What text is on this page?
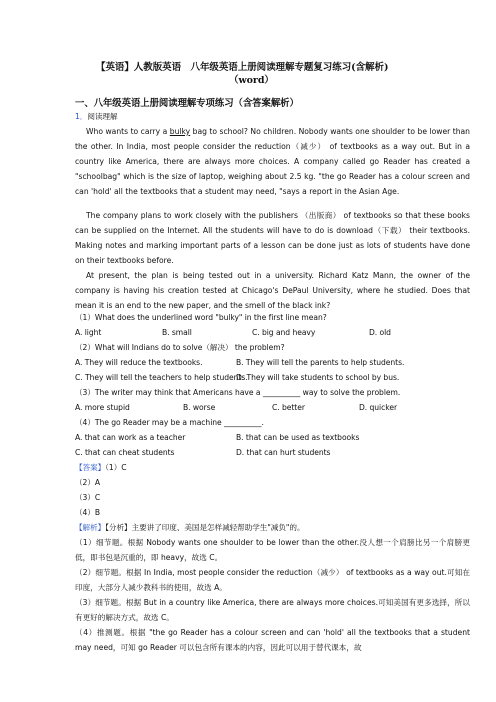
【英语】人教版英语　八年级英语上册阅读理解专题复习练习(含解析)
（word）
一、八年级英语上册阅读理解专项练习（含答案解析）
1．阅读理解
Who wants to carry a bulky bag to school? No children. Nobody wants one shoulder to be lower than the other. In India, most people consider the reduction（减少） of textbooks as a way out. But in a country like America, there are always more choices. A company called go Reader has created a "schoolbag" which is the size of laptop, weighing about 2.5 kg. "the go Reader has a colour screen and can 'hold' all the textbooks that a student may need, "says a report in the Asian Age.
The company plans to work closely with the publishers （出版商） of textbooks so that these books can be supplied on the Internet. All the students will have to do is download（下载） their textbooks. Making notes and marking important parts of a lesson can be done just as lots of students have done on their textbooks before.
At present, the plan is being tested out in a university. Richard Katz Mann, the owner of the company is having his creation tested at Chicago's DePaul University, where he studied. Does that mean it is an end to the new paper, and the smell of the black ink?
（1）What does the underlined word "bulky" in the first line mean?
A. light	B. small	C. big and heavy	D. old
（2）What will Indians do to solve（解决） the problem?
A. They will reduce the textbooks.	B. They will tell the parents to help students.
C. They will tell the teachers to help students.
D. They will take students to school by bus.
（3）The writer may think that Americans have a __________ way to solve the problem.
A. more stupid	B. worse	C. better	D. quicker
（4）The go Reader may be a machine __________.
A. that can work as a teacher	B. that can be used as textbooks
C. that can cheat students	D. that can hurt students
【答案】（1）C
（2）A
（3）C
（4）B
【解析】【分析】主要讲了印度、美国是怎样减轻帮助学生"减负"的。
（1）细节题。根据 Nobody wants one shoulder to be lower than the other.没人想一个肩膀比另一个肩膀更低，即书包是沉重的，即 heavy，故选 C。
（2）细节题。根据 In India, most people consider the reduction（减少） of textbooks as a way out.可知在印度，大部分人减少教科书的使用，故选 A。
（3）细节题。根据 But in a country like America, there are always more choices.可知美国有更多选择，所以有更好的解决方式，故选 C。
（4）推测题。根据 "the go Reader has a colour screen and can 'hold' all the textbooks that a student may need，可知 go Reader 可以包含所有课本的内容，因此可以用于替代课本，故
